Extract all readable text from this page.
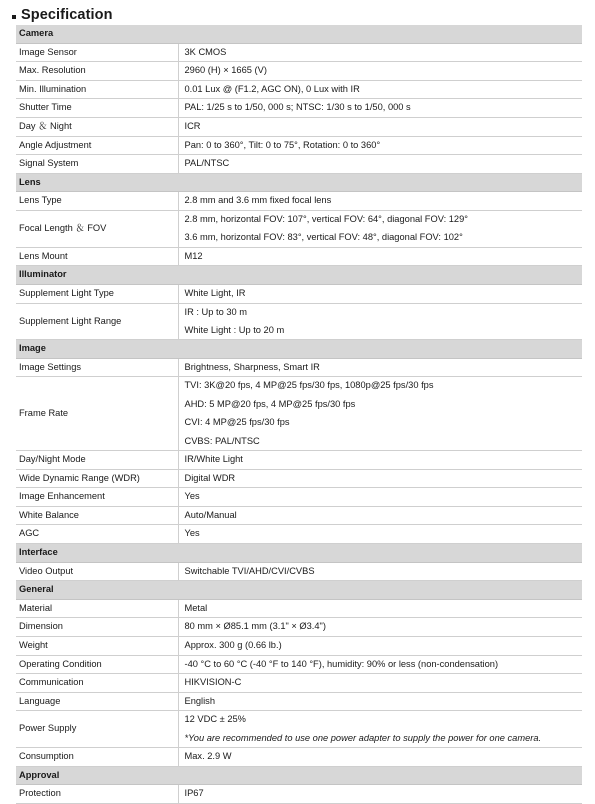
Specification
Camera	
Image Sensor	3K CMOS
Max. Resolution	2960 (H) × 1665 (V)
Min. Illumination	0.01 Lux @ (F1.2, AGC ON), 0 Lux with IR
Shutter Time	PAL: 1/25 s to 1/50, 000 s; NTSC: 1/30 s to 1/50, 000 s
Day ＆ Night	ICR
Angle Adjustment	Pan: 0 to 360°, Tilt: 0 to 75°, Rotation: 0 to 360°
Signal System	PAL/NTSC
Lens	
Lens Type	2.8 mm and 3.6 mm fixed focal lens
Focal Length ＆ FOV	2.8 mm, horizontal FOV: 107°, vertical FOV: 64°, diagonal FOV: 129°
3.6 mm, horizontal FOV: 83°, vertical FOV: 48°, diagonal FOV: 102°

Lens Mount	M12
Illuminator	
Supplement Light Type	White Light, IR
Supplement Light Range	IR : Up to 30 m
White Light : Up to 20 m

Image	
Image Settings	Brightness, Sharpness, Smart IR
Frame Rate	TVI: 3K@20 fps, 4 MP@25 fps/30 fps, 1080p@25 fps/30 fps
AHD: 5 MP@20 fps, 4 MP@25 fps/30 fps
CVI: 4 MP@25 fps/30 fps
CVBS: PAL/NTSC

Day/Night Mode	IR/White Light
Wide Dynamic Range (WDR)	Digital WDR
Image Enhancement	Yes
White Balance	Auto/Manual
AGC	Yes
Interface	
Video Output	Switchable TVI/AHD/CVI/CVBS
General	
Material	Metal
Dimension	80 mm × Ø85.1 mm (3.1" × Ø3.4")
Weight	Approx. 300 g (0.66 lb.)
Operating Condition	-40 °C to 60 °C (-40 °F to 140 °F), humidity: 90% or less (non-condensation)
Communication	HIKVISION-C
Language	English
Power Supply	12 VDC ± 25%
*You are recommended to use one power adapter to supply the power for one camera.

Consumption	Max. 2.9 W
Approval	
Protection	IP67
